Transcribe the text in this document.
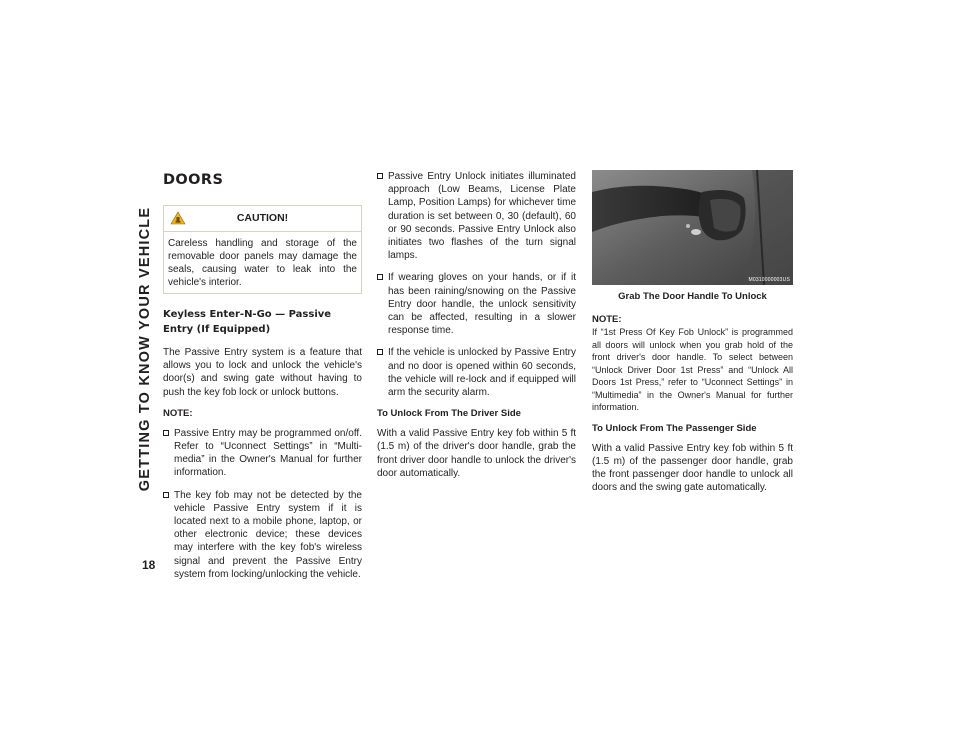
GETTING TO KNOW YOUR VEHICLE
18
DOORS
CAUTION!
Careless handling and storage of the removable door panels may damage the seals, causing water to leak into the vehicle's interior.
Keyless Enter-N-Go — Passive Entry (If Equipped)

The Passive Entry system is a feature that allows you to lock and unlock the vehicle's door(s) and swing gate without having to push the key fob lock or unlock buttons.

NOTE:
Passive Entry may be programmed on/off. Refer to “Uconnect Settings” in “Multi-media” in the Owner's Manual for further information.
The key fob may not be detected by the vehicle Passive Entry system if it is located next to a mobile phone, laptop, or other electronic device; these devices may interfere with the key fob's wireless signal and prevent the Passive Entry system from locking/unlocking the vehicle.
Passive Entry Unlock initiates illuminated approach (Low Beams, License Plate Lamp, Position Lamps) for whichever time duration is set between 0, 30 (default), 60 or 90 seconds. Passive Entry Unlock also initiates two flashes of the turn signal lamps.
If wearing gloves on your hands, or if it has been raining/snowing on the Passive Entry door handle, the unlock sensitivity can be affected, resulting in a slower response time.
If the vehicle is unlocked by Passive Entry and no door is opened within 60 seconds, the vehicle will re-lock and if equipped will arm the security alarm.
To Unlock From The Driver Side

With a valid Passive Entry key fob within 5 ft (1.5 m) of the driver's door handle, grab the front driver door handle to unlock the driver's door automatically.

M0310000003US
Grab The Door Handle To Unlock
NOTE:
If “1st Press Of Key Fob Unlock” is programmed all doors will unlock when you grab hold of the front driver's door handle. To select between “Unlock Driver Door 1st Press” and “Unlock All Doors 1st Press,” refer to “Uconnect Settings” in “Multimedia” in the Owner's Manual for further information.
To Unlock From The Passenger Side

With a valid Passive Entry key fob within 5 ft (1.5 m) of the passenger door handle, grab the front passenger door handle to unlock all doors and the swing gate automatically.
